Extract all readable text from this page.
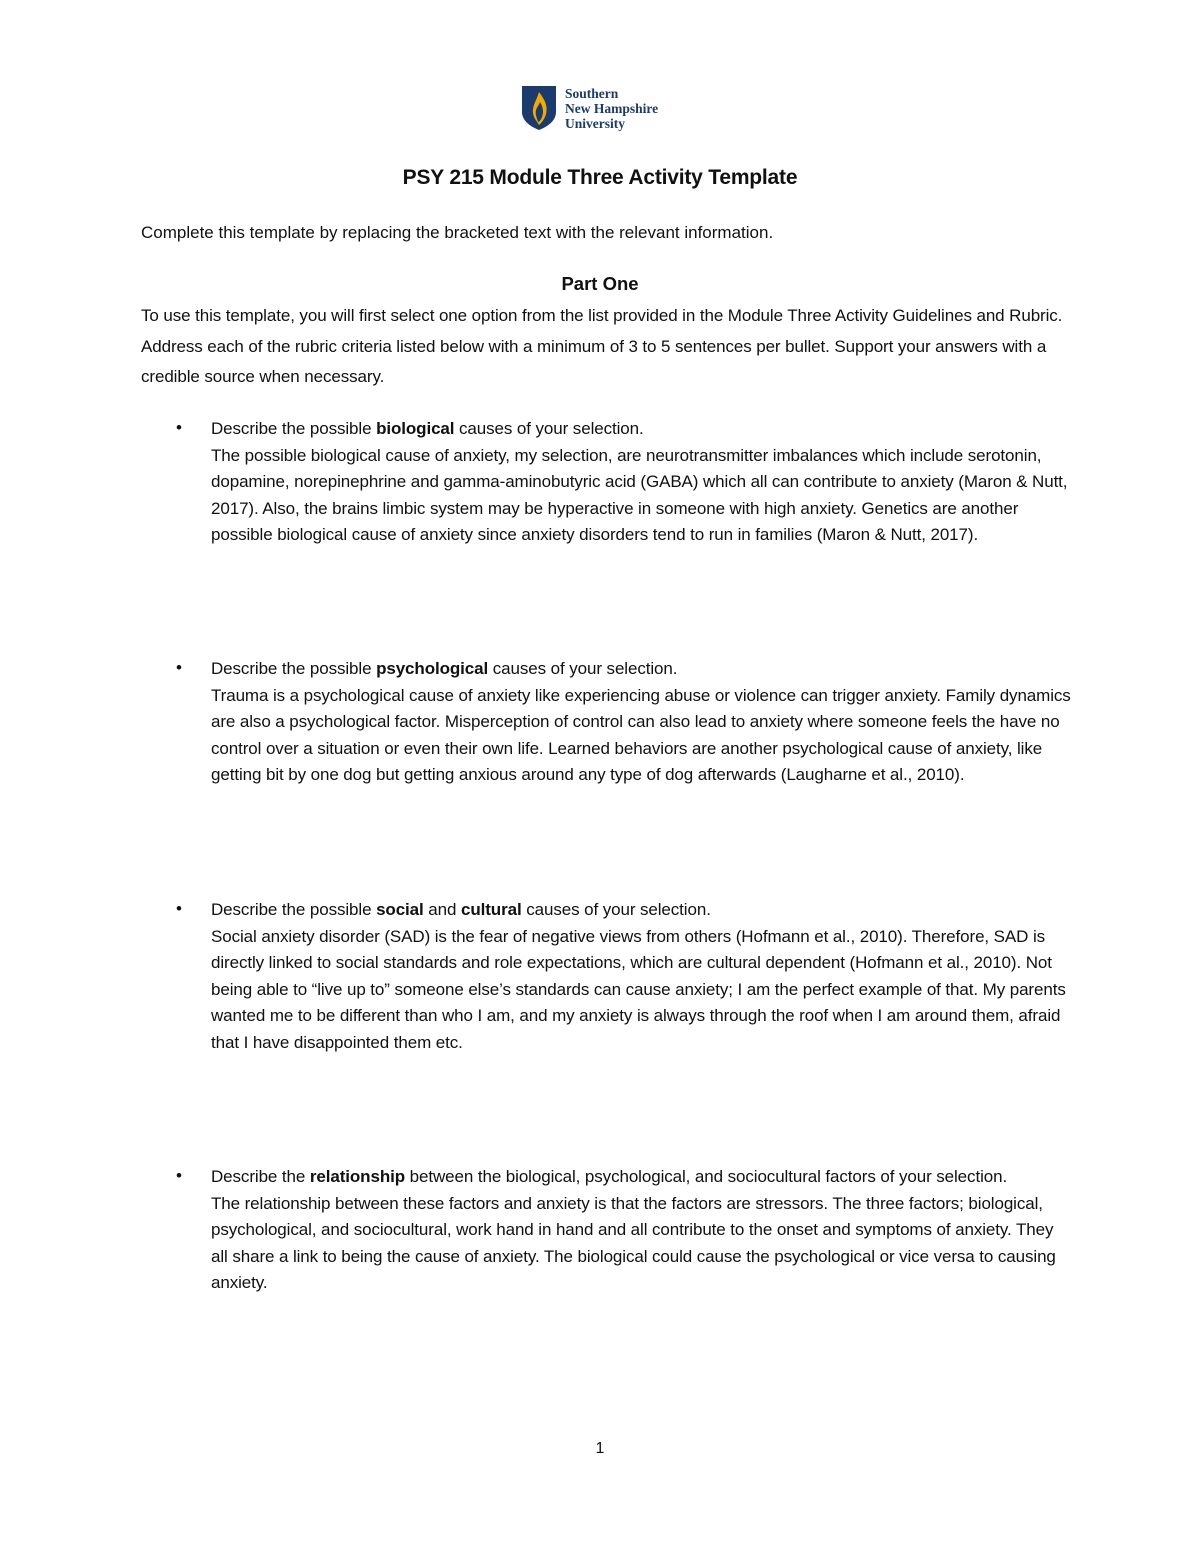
Southern
New Hampshire
University
PSY 215 Module Three Activity Template
Complete this template by replacing the bracketed text with the relevant information.
Part One
To use this template, you will first select one option from the list provided in the Module Three Activity Guidelines and Rubric. Address each of the rubric criteria listed below with a minimum of 3 to 5 sentences per bullet. Support your answers with a credible source when necessary.
• Describe the possible biological causes of your selection.
The possible biological cause of anxiety, my selection, are neurotransmitter imbalances which include serotonin, dopamine, norepinephrine and gamma-aminobutyric acid (GABA) which all can contribute to anxiety (Maron & Nutt, 2017). Also, the brains limbic system may be hyperactive in someone with high anxiety. Genetics are another possible biological cause of anxiety since anxiety disorders tend to run in families (Maron & Nutt, 2017).
• Describe the possible psychological causes of your selection.
Trauma is a psychological cause of anxiety like experiencing abuse or violence can trigger anxiety. Family dynamics are also a psychological factor. Misperception of control can also lead to anxiety where someone feels the have no control over a situation or even their own life. Learned behaviors are another psychological cause of anxiety, like getting bit by one dog but getting anxious around any type of dog afterwards (Laugharne et al., 2010).
• Describe the possible social and cultural causes of your selection.
Social anxiety disorder (SAD) is the fear of negative views from others (Hofmann et al., 2010). Therefore, SAD is directly linked to social standards and role expectations, which are cultural dependent (Hofmann et al., 2010). Not being able to “live up to” someone else’s standards can cause anxiety; I am the perfect example of that. My parents wanted me to be different than who I am, and my anxiety is always through the roof when I am around them, afraid that I have disappointed them etc.
• Describe the relationship between the biological, psychological, and sociocultural factors of your selection.
The relationship between these factors and anxiety is that the factors are stressors. The three factors; biological, psychological, and sociocultural, work hand in hand and all contribute to the onset and symptoms of anxiety. They all share a link to being the cause of anxiety. The biological could cause the psychological or vice versa to causing anxiety.
1
